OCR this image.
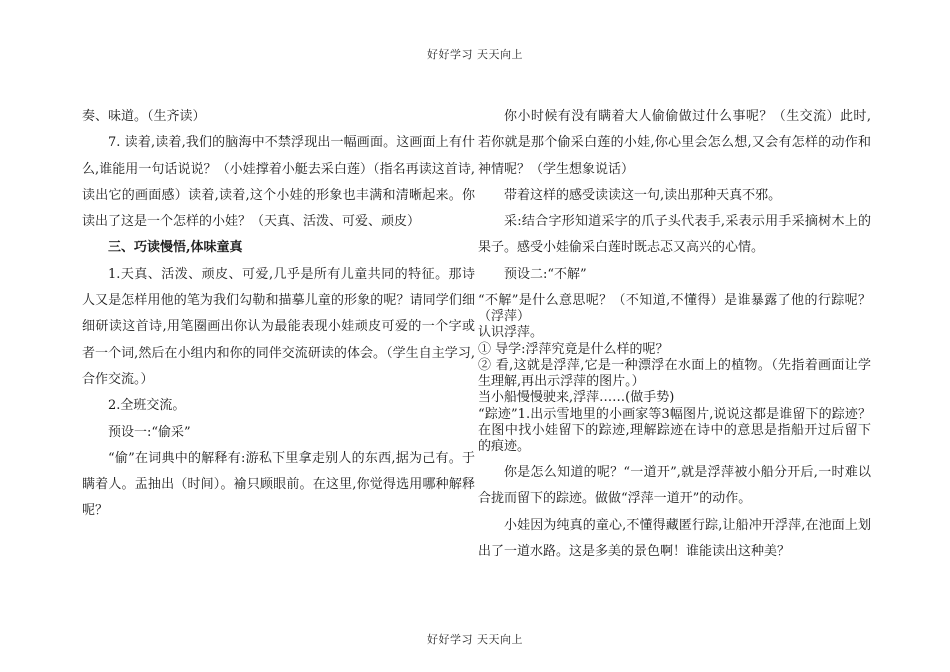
好好学习 天天向上

奏、味道。（生齐读）

7. 读着,读着,我们的脑海中不禁浮现出一幅画面。这画面上有什么,谁能用一句话说说？（小娃撑着小艇去采白莲）（指名再读这首诗,读出它的画面感）读着,读着,这个小娃的形象也丰满和清晰起来。你读出了这是一个怎样的小娃？（天真、活泼、可爱、顽皮）

三、巧读慢悟,体味童真

1.天真、活泼、顽皮、可爱,几乎是所有儿童共同的特征。那诗人又是怎样用他的笔为我们勾勒和描摹儿童的形象的呢？请同学们细细研读这首诗,用笔圈画出你认为最能表现小娃顽皮可爱的一个字或者一个词,然后在小组内和你的同伴交流研读的体会。（学生自主学习,合作交流。）

2.全班交流。

预设一:“偷采”

“偷”在词典中的解释有:游私下里拿走别人的东西,据为己有。于瞒着人。盂抽出（时间）。褕只顾眼前。在这里,你觉得选用哪种解释呢？

你小时候有没有瞒着大人偷偷做过什么事呢？（生交流）此时,若你就是那个偷采白莲的小娃,你心里会怎么想,又会有怎样的动作和神情呢？（学生想象说话）

带着这样的感受读读这一句,读出那种天真不邪。

采:结合字形知道采字的爪子头代表手,采表示用手采摘树木上的果子。感受小娃偷采白莲时既忐忑又高兴的心情。

预设二:“不解”

“不解”是什么意思呢？（不知道,不懂得）是谁暴露了他的行踪呢？（浮萍）

认识浮萍。

① 导学:浮萍究竟是什么样的呢？

② 看,这就是浮萍,它是一种漂浮在水面上的植物。（先指着画面让学生理解,再出示浮萍的图片。）

当小船慢慢驶来,浮萍……(做手势)

“踪迹”1.出示雪地里的小画家等3幅图片,说说这都是谁留下的踪迹？在图中找小娃留下的踪迹,理解踪迹在诗中的意思是指船开过后留下的痕迹。

你是怎么知道的呢？“一道开”,就是浮萍被小船分开后,一时难以合拢而留下的踪迹。做做“浮萍一道开”的动作。

小娃因为纯真的童心,不懂得藏匿行踪,让船冲开浮萍,在池面上划出了一道水路。这是多美的景色啊！谁能读出这种美？

好好学习 天天向上
